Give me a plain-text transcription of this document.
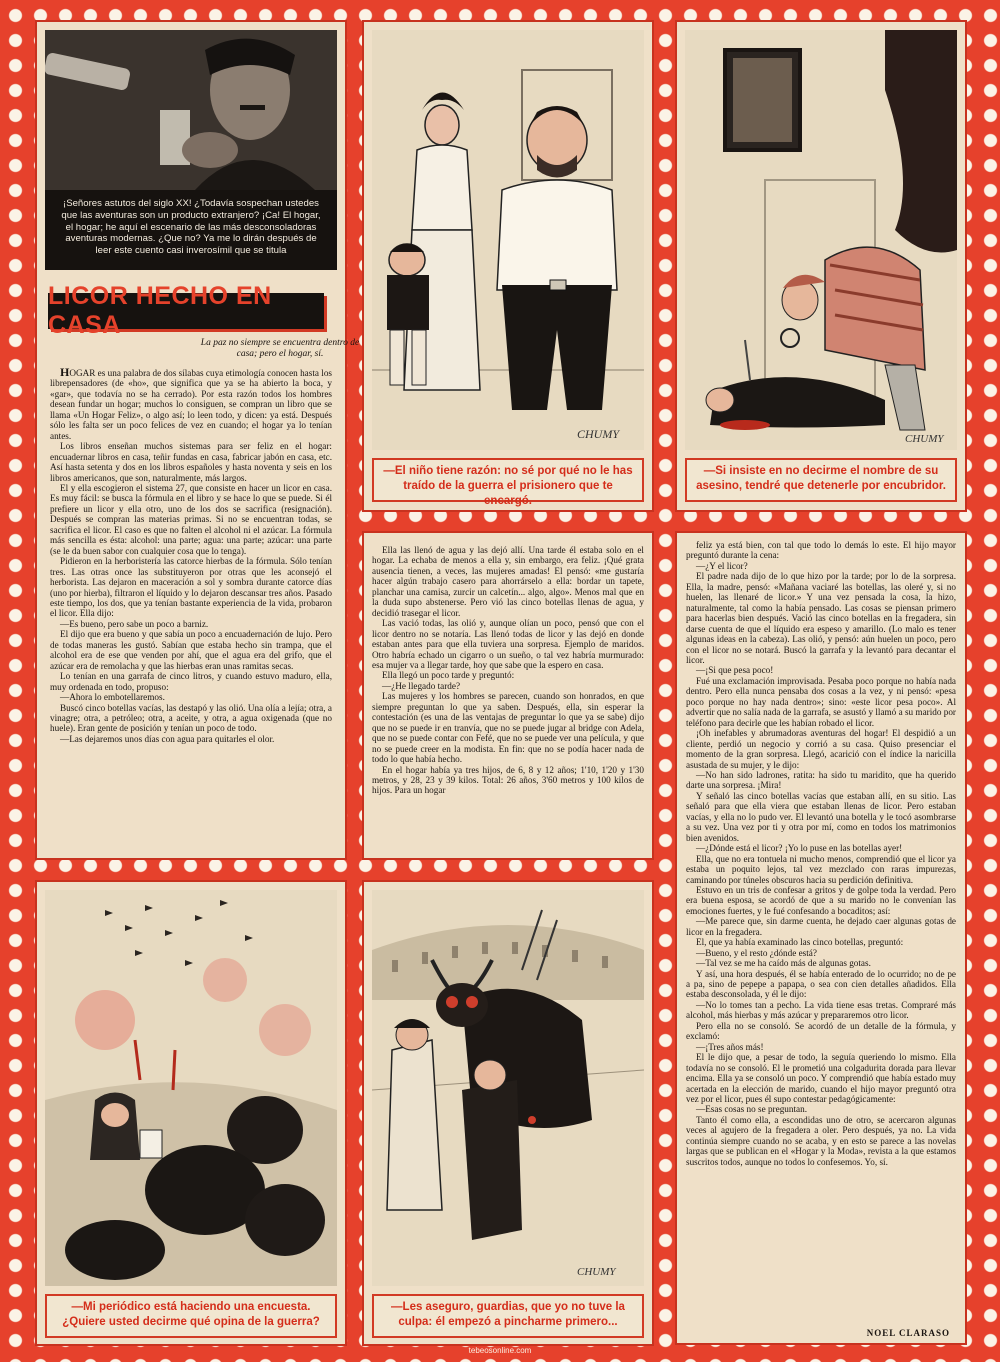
¡Señores astutos del siglo XX! ¿Todavía sospechan ustedes que las aventuras son un producto extranjero? ¡Ca! El hogar, el hogar; he aquí el escenario de las más desconsoladoras aventuras modernas. ¿Que no? Ya me lo dirán después de leer este cuento casi inverosímil que se titula
LICOR HECHO EN CASA
La paz no siempre se encuentra dentro de casa; pero el hogar, sí.

HOGAR es una palabra de dos sílabas cuya etimología conocen hasta los librepensadores (de «ho», que significa que ya se ha abierto la boca, y «gar», que todavía no se ha cerrado). Por esta razón todos los hombres desean fundar un hogar; muchos lo consiguen, se compran un libro que se llama «Un Hogar Feliz», o algo así; lo leen todo, y dicen: ya está. Después sólo les falta ser un poco felices de vez en cuando; el hogar ya lo tenían antes.

Los libros enseñan muchos sistemas para ser feliz en el hogar: encuadernar libros en casa, teñir fundas en casa, fabricar jabón en casa, etc. Así hasta setenta y dos en los libros españoles y hasta noventa y seis en los libros americanos, que son, naturalmente, más largos.

El y ella escogieron el sistema 27, que consiste en hacer un licor en casa. Es muy fácil: se busca la fórmula en el libro y se hace lo que se puede. Si él prefiere un licor y ella otro, uno de los dos se sacrifica (resignación). Después se compran las materias primas. Si no se encuentran todas, se sacrifica el licor. El caso es que no falten el alcohol ni el azúcar. La fórmula más sencilla es ésta: alcohol: una parte; agua: una parte; azúcar: una parte (se le da buen sabor con cualquier cosa que lo tenga).

Pidieron en la herboristería las catorce hierbas de la fórmula. Sólo tenían tres. Las otras once las substituyeron por otras que les aconsejó el herborista. Las dejaron en maceración a sol y sombra durante catorce días (uno por hierba), filtraron el líquido y lo dejaron descansar tres años. Pasado este tiempo, los dos, que ya tenían bastante experiencia de la vida, probaron el licor. Ella dijo:

—Es bueno, pero sabe un poco a barniz.

El dijo que era bueno y que sabía un poco a encuadernación de lujo. Pero de todas maneras les gustó. Sabían que estaba hecho sin trampa, que el alcohol era de ese que venden por ahí, que el agua era del grifo, que el azúcar era de remolacha y que las hierbas eran unas ramitas secas.

Lo tenían en una garrafa de cinco litros, y cuando estuvo maduro, ella, muy ordenada en todo, propuso:

—Ahora lo embotellaremos.

Buscó cinco botellas vacías, las destapó y las olió. Una olía a lejía; otra, a vinagre; otra, a petróleo; otra, a aceite, y otra, a agua oxigenada (que no huele). Eran gente de posición y tenían un poco de todo.

—Las dejaremos unos días con agua para quitarles el olor.

CHUMY
—El niño tiene razón: no sé por qué no le has traído de la guerra el prisionero que te encargó.
CHUMY
—Si insiste en no decirme el nombre de su asesino, tendré que detenerle por encubridor.

Ella las llenó de agua y las dejó allí. Una tarde él estaba solo en el hogar. La echaba de menos a ella y, sin embargo, era feliz. ¡Qué grata ausencia tienen, a veces, las mujeres amadas! El pensó: «me gustaría hacer algún trabajo casero para ahorrárselo a ella: bordar un tapete, planchar una camisa, zurcir un calcetín... algo, algo». Menos mal que en la duda supo abstenerse. Pero vió las cinco botellas llenas de agua, y decidió trasegar el licor.

Las vació todas, las olió y, aunque olían un poco, pensó que con el licor dentro no se notaría. Las llenó todas de licor y las dejó en donde estaban antes para que ella tuviera una sorpresa. Ejemplo de maridos. Otro habría echado un cigarro o un sueño, o tal vez habría murmurado: esa mujer va a llegar tarde, hoy que sabe que la espero en casa.

Ella llegó un poco tarde y preguntó:

—¿He llegado tarde?

Las mujeres y los hombres se parecen, cuando son honrados, en que siempre preguntan lo que ya saben. Después, ella, sin esperar la contestación (es una de las ventajas de preguntar lo que ya se sabe) dijo que no se puede ir en tranvía, que no se puede jugar al bridge con Adela, que no se puede contar con Fefé, que no se puede ver una película, y que no se puede creer en la modista. En fin: que no se podía hacer nada de todo lo que había hecho.

En el hogar había ya tres hijos, de 6, 8 y 12 años; 1'10, 1'20 y 1'30 metros, y 28, 23 y 39 kilos. Total: 26 años, 3'60 metros y 100 kilos de hijos. Para un hogar

feliz ya está bien, con tal que todo lo demás lo este. El hijo mayor preguntó durante la cena:

—¿Y el licor?

El padre nada dijo de lo que hizo por la tarde; por lo de la sorpresa. Ella, la madre, pensó: «Mañana vaciaré las botellas, las oleré y, si no huelen, las llenaré de licor.» Y una vez pensada la cosa, la hizo, naturalmente, tal como la había pensado. Las cosas se piensan primero para hacerlas bien después. Vació las cinco botellas en la fregadera, sin darse cuenta de que el líquido era espeso y amarillo. (Lo malo es tener algunas ideas en la cabeza). Las olió, y pensó: aún huelen un poco, pero con el licor no se notará. Buscó la garrafa y la levantó para decantar el licor.

—¡Si que pesa poco!

Fué una exclamación improvisada. Pesaba poco porque no había nada dentro. Pero ella nunca pensaba dos cosas a la vez, y ni pensó: «pesa poco porque no hay nada dentro»; sino: «este licor pesa poco». Al advertir que no salía nada de la garrafa, se asustó y llamó a su marido por teléfono para decirle que les habían robado el licor.

¡Oh inefables y abrumadoras aventuras del hogar! El despidió a un cliente, perdió un negocio y corrió a su casa. Quiso presenciar el momento de la gran sorpresa. Llegó, acarició con el índice la naricilla asustada de su mujer, y le dijo:

—No han sido ladrones, ratita: ha sido tu maridito, que ha querido darte una sorpresa. ¡Mira!

Y señaló las cinco botellas vacías que estaban allí, en su sitio. Las señaló para que ella viera que estaban llenas de licor. Pero estaban vacías, y ella no lo pudo ver. El levantó una botella y le tocó asombrarse a su vez. Una vez por ti y otra por mí, como en todos los matrimonios bien avenidos.

—¿Dónde está el licor? ¡Yo lo puse en las botellas ayer!

Ella, que no era tontuela ni mucho menos, comprendió que el licor ya estaba un poquito lejos, tal vez mezclado con raras impurezas, caminando por túneles obscuros hacia su perdición definitiva.

Estuvo en un tris de confesar a gritos y de golpe toda la verdad. Pero era buena esposa, se acordó de que a su marido no le convenían las emociones fuertes, y le fué confesando a bocaditos; así:

—Me parece que, sin darme cuenta, he dejado caer algunas gotas de licor en la fregadera.

El, que ya había examinado las cinco botellas, preguntó:

—Bueno, y el resto ¿dónde está?

—Tal vez se me ha caído más de algunas gotas.

Y así, una hora después, él se había enterado de lo ocurrido; no de pe a pa, sino de pepepe a papapa, o sea con cien detalles añadidos. Ella estaba desconsolada, y él le dijo:

—No lo tomes tan a pecho. La vida tiene esas tretas. Compraré más alcohol, más hierbas y más azúcar y prepararemos otro licor.

Pero ella no se consoló. Se acordó de un detalle de la fórmula, y exclamó:

—¡Tres años más!

El le dijo que, a pesar de todo, la seguía queriendo lo mismo. Ella todavía no se consoló. El le prometió una colgadurita dorada para llevar encima. Ella ya se consoló un poco. Y comprendió que había estado muy acertada en la elección de marido, cuando el hijo mayor preguntó otra vez por el licor, pues él supo contestar pedagógicamente:

—Esas cosas no se preguntan.

Tanto él como ella, a escondidas uno de otro, se acercaron algunas veces al agujero de la fregadera a oler. Pero después, ya no. La vida continúa siempre cuando no se acaba, y en esto se parece a las novelas largas que se publican en el «Hogar y la Moda», revista a la que estamos suscritos todos, aunque no todos lo confesemos. Yo, sí.

NOEL CLARASO
—Mi periódico está haciendo una encuesta. ¿Quiere usted decirme qué opina de la guerra?
CHUMY
—Les aseguro, guardias, que yo no tuve la culpa: él empezó a pincharme primero...
tebeosonline.com
